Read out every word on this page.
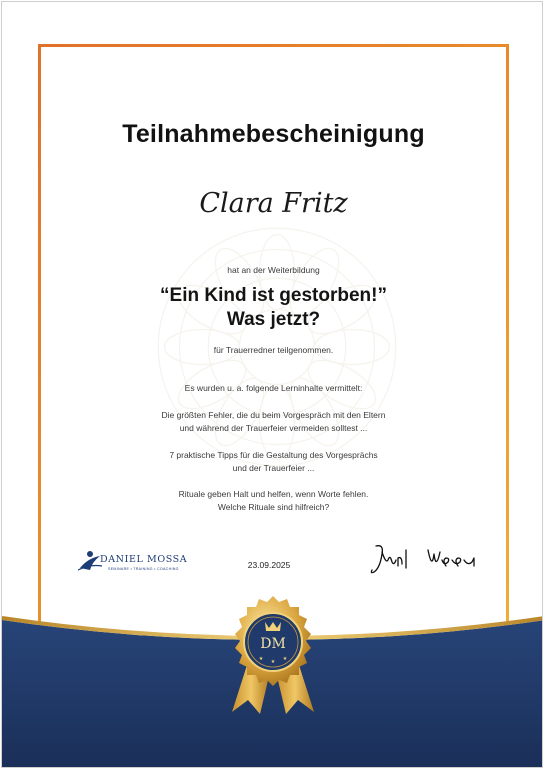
Teilnahmebescheinigung
Clara Fritz
hat an der Weiterbildung
“Ein Kind ist gestorben!”
Was jetzt?
für Trauerredner teilgenommen.
Es wurden u. a. folgende Lerninhalte vermittelt:
Die größten Fehler, die du beim Vorgespräch mit den Eltern
und während der Trauerfeier vermeiden solltest ...
7 praktische Tipps für die Gestaltung des Vorgesprächs
und der Trauerfeier ...
Rituale geben Halt und helfen, wenn Worte fehlen.
Welche Rituale sind hilfreich?
DANIEL MOSSA
SEMINARE • TRAINING • COACHING	23.09.2025
DM
★ ★ ★
